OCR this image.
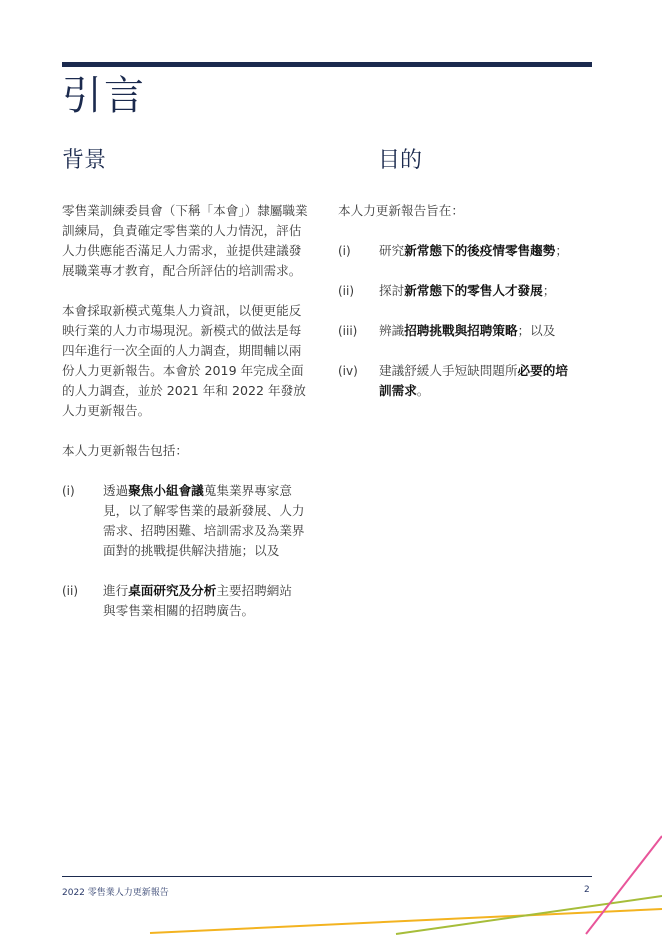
引言
背景	目的
零售業訓練委員會（下稱「本會」）隸屬職業
訓練局，負責確定零售業的人力情況，評估
人力供應能否滿足人力需求，並提供建議發
展職業專才教育，配合所評估的培訓需求。
本會採取新模式蒐集人力資訊，以便更能反
映行業的人力市場現況。新模式的做法是每
四年進行一次全面的人力調查，期間輔以兩
份人力更新報告。本會於 2019 年完成全面
的人力調查，並於 2021 年和 2022 年發放
人力更新報告。
本人力更新報告包括：
(i) 透過聚焦小組會議蒐集業界專家意
見，以了解零售業的最新發展、人力
需求、招聘困難、培訓需求及為業界
面對的挑戰提供解決措施；以及
(ii) 進行桌面研究及分析主要招聘網站
與零售業相關的招聘廣告。
本人力更新報告旨在：
(i) 研究新常態下的後疫情零售趨勢；
(ii) 探討新常態下的零售人才發展；
(iii) 辨識招聘挑戰與招聘策略；以及
(iv) 建議舒緩人手短缺問題所必要的培
訓需求。
2022 零售業人力更新報告	2
